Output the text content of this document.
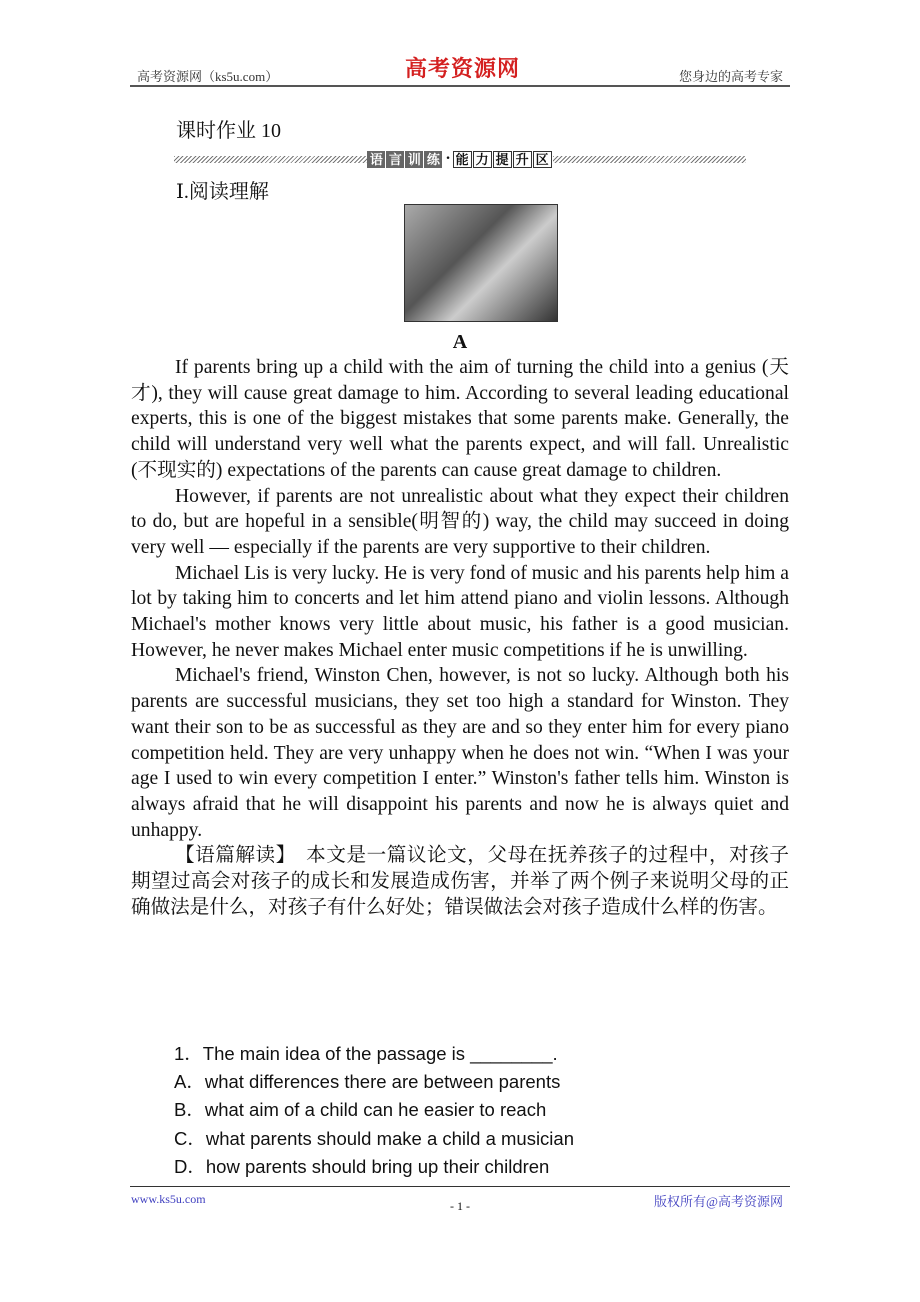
高考资源网（ks5u.com）	高考资源网	您身边的高考专家
课时作业 10
语 言 训 练 · 能 力 提 升 区
Ⅰ.阅读理解
A

If parents bring up a child with the aim of turning the child into a genius (天才), they will cause great damage to him. According to several leading educational experts, this is one of the biggest mistakes that some parents make. Generally, the child will understand very well what the parents expect, and will fall. Unrealistic (不现实的) expectations of the parents can cause great damage to children.

However, if parents are not unrealistic about what they expect their children to do, but are hopeful in a sensible(明智的) way, the child may succeed in doing very well — especially if the parents are very supportive to their children.

Michael Lis is very lucky. He is very fond of music and his parents help him a lot by taking him to concerts and let him attend piano and violin lessons. Although Michael's mother knows very little about music, his father is a good musician. However, he never makes Michael enter music competitions if he is unwilling.

Michael's friend, Winston Chen, however, is not so lucky. Although both his parents are successful musicians, they set too high a standard for Winston. They want their son to be as successful as they are and so they enter him for every piano competition held. They are very unhappy when he does not win. “When I was your age I used to win every competition I enter.” Winston's father tells him. Winston is always afraid that he will disappoint his parents and now he is always quiet and unhappy.

【语篇解读】　本文是一篇议论文，父母在抚养孩子的过程中，对孩子期望过高会对孩子的成长和发展造成伤害，并举了两个例子来说明父母的正确做法是什么，对孩子有什么好处；错误做法会对孩子造成什么样的伤害。

1．The main idea of the passage is ________.
A．what differences there are between parents
B．what aim of a child can he easier to reach
C．what parents should make a child a musician
D．how parents should bring up their children
www.ks5u.com	- 1 -	版权所有@高考资源网
